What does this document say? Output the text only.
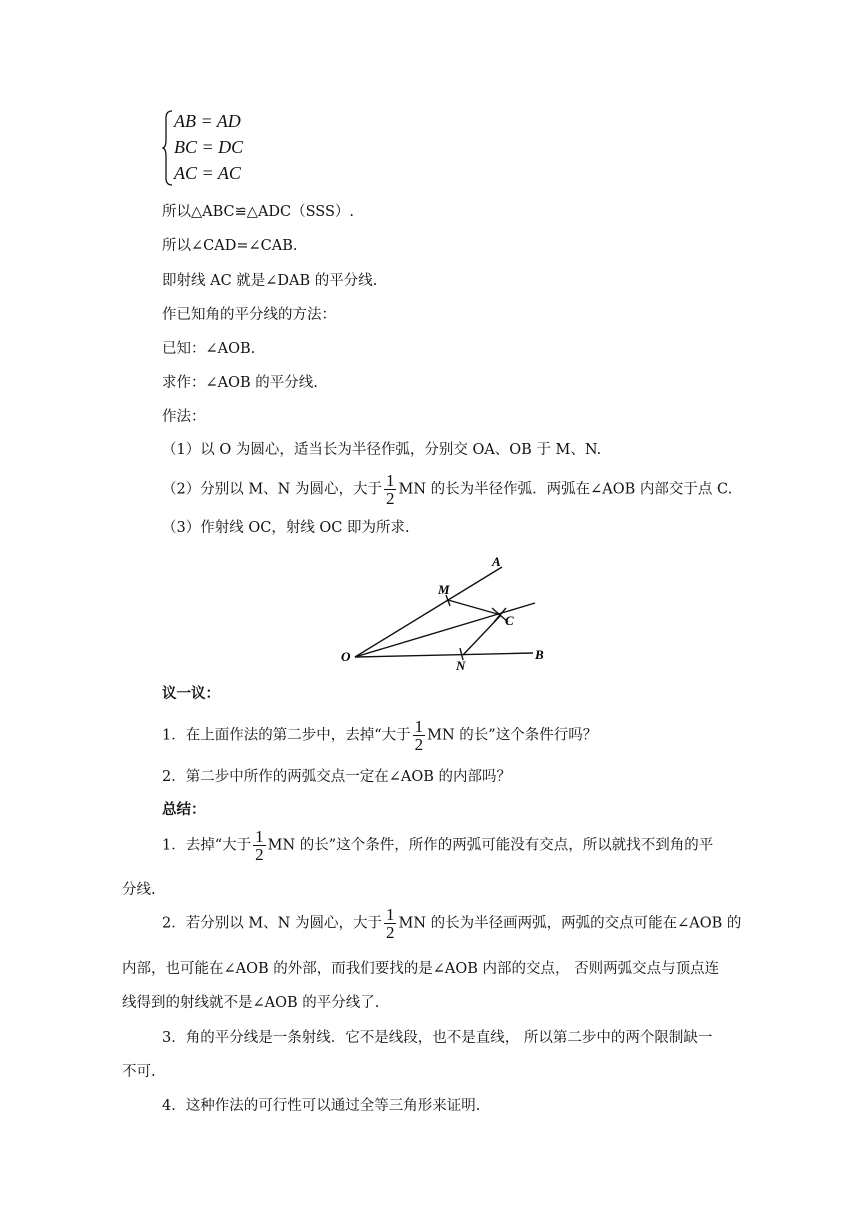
AB = AD
BC = DC
AC = AC
所以△ABC≌△ADC（SSS）.
所以∠CAD=∠CAB.
即射线 AC 就是∠DAB 的平分线.
作已知角的平分线的方法：
已知：∠AOB.
求作：∠AOB 的平分线.
作法：
（1）以 O 为圆心，适当长为半径作弧，分别交 OA、OB 于 M、N.
（2）分别以 M、N 为圆心，大于 $\frac{1}{2}$ MN 的长为半径作弧．两弧在∠AOB 内部交于点 C.
（3）作射线 OC，射线 OC 即为所求.
A
M
C
O
N
B
议一议：
1．在上面作法的第二步中，去掉“大于 $\frac{1}{2}$ MN 的长”这个条件行吗？
2．第二步中所作的两弧交点一定在∠AOB 的内部吗？
总结：
1．去掉“大于 $\frac{1}{2}$ MN 的长”这个条件，所作的两弧可能没有交点，所以就找不到角的平
分线.
2．若分别以 M、N 为圆心，大于 $\frac{1}{2}$ MN 的长为半径画两弧，两弧的交点可能在∠AOB 的
内部，也可能在∠AOB 的外部，而我们要找的是∠AOB 内部的交点， 否则两弧交点与顶点连
线得到的射线就不是∠AOB 的平分线了.
3．角的平分线是一条射线．它不是线段，也不是直线， 所以第二步中的两个限制缺一
不可.
4．这种作法的可行性可以通过全等三角形来证明.
